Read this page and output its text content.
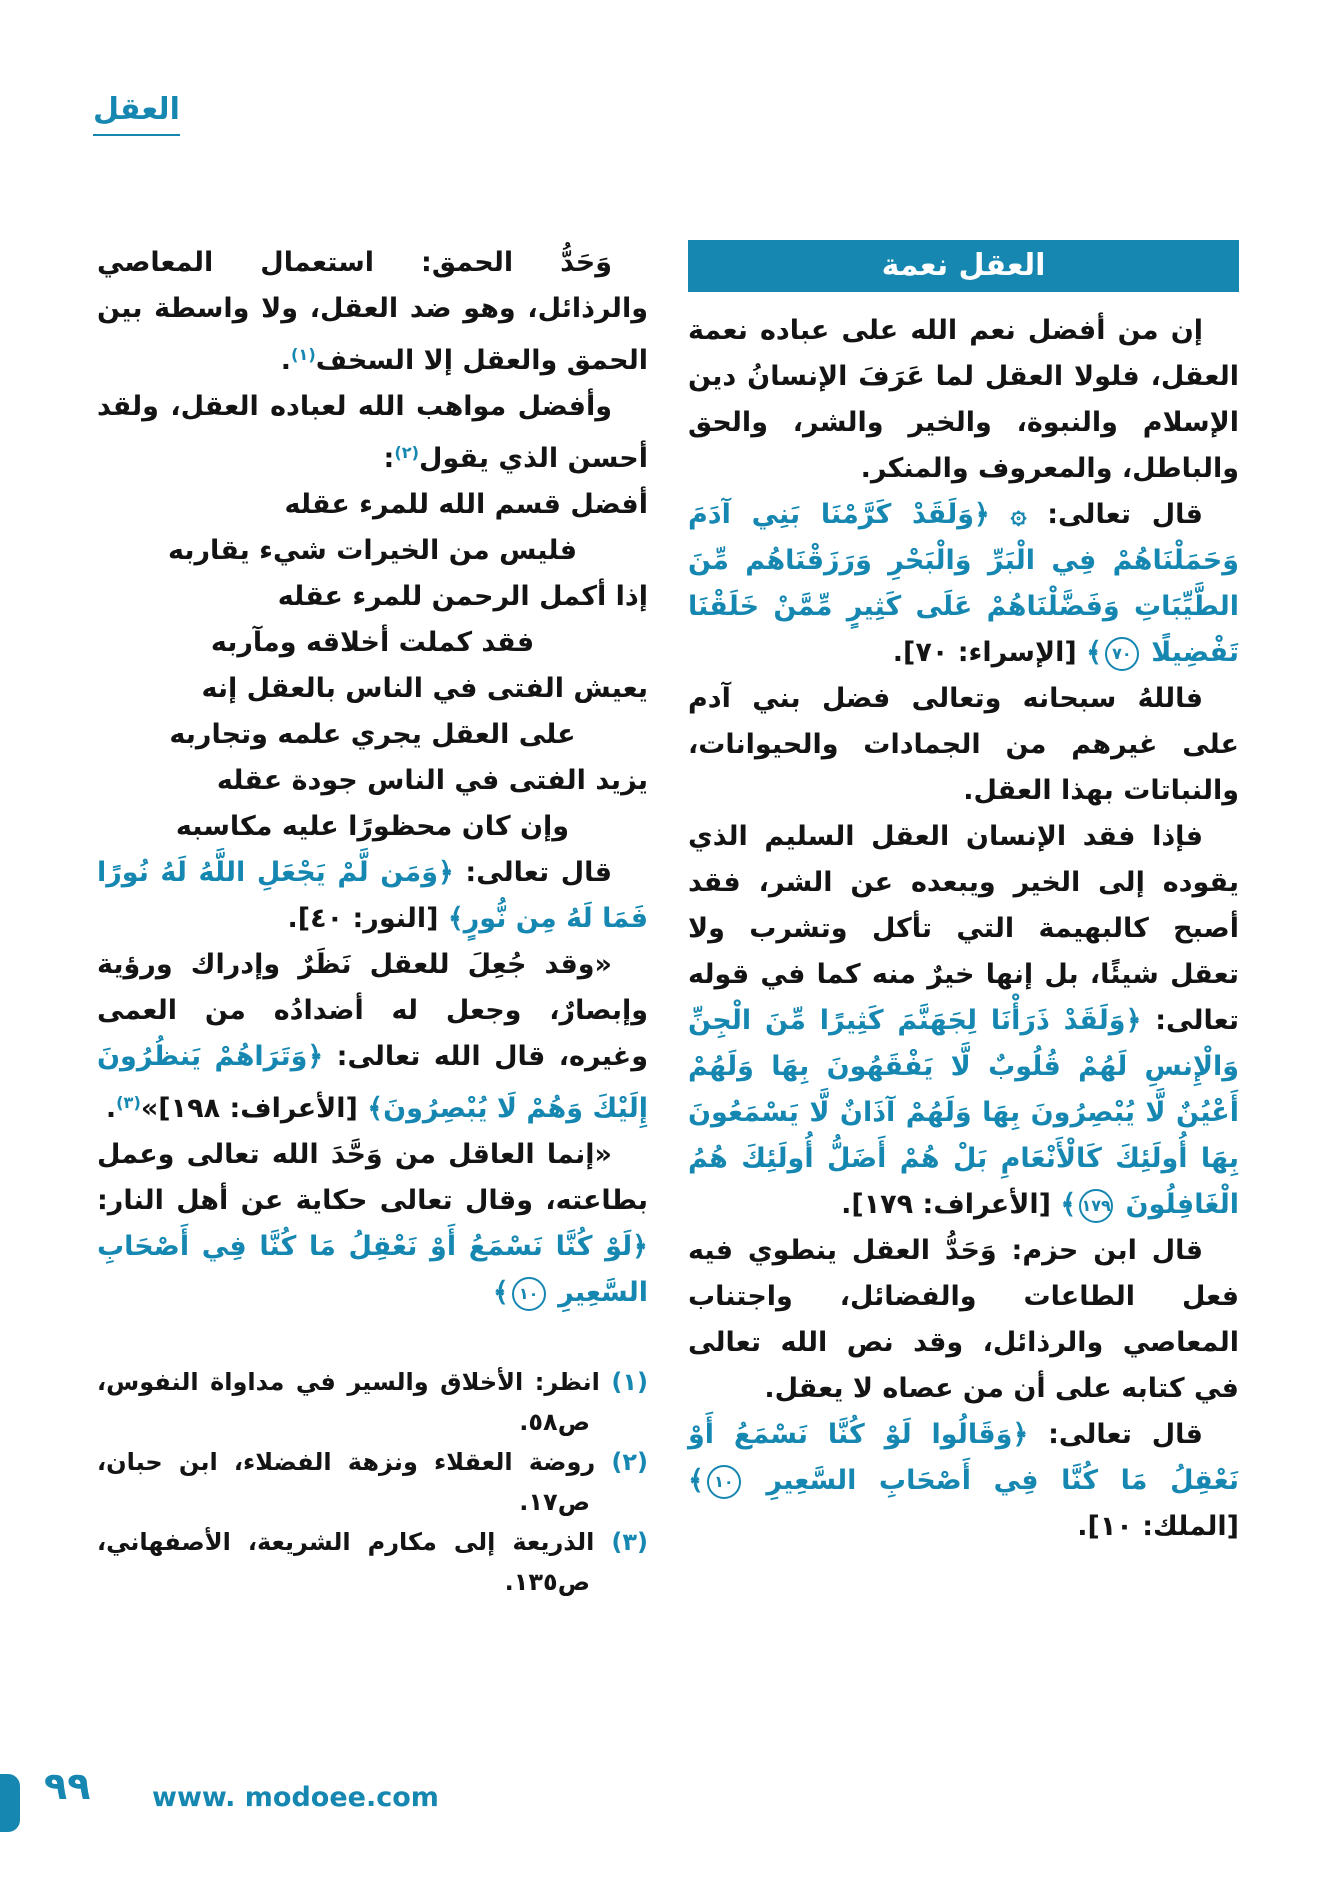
العقل
العقل نعمة

إن من أفضل نعم الله على عباده نعمة العقل، فلولا العقل لما عَرَفَ الإنسانُ دين الإسلام والنبوة، والخير والشر، والحق والباطل، والمعروف والمنكر.

قال تعالى: ۞ ﴿وَلَقَدْ كَرَّمْنَا بَنِي آدَمَ وَحَمَلْنَاهُمْ فِي الْبَرِّ وَالْبَحْرِ وَرَزَقْنَاهُم مِّنَ الطَّيِّبَاتِ وَفَضَّلْنَاهُمْ عَلَى كَثِيرٍ مِّمَّنْ خَلَقْنَا تَفْضِيلًا ٧٠﴾ [الإسراء: ٧٠].

فاللهُ سبحانه وتعالى فضل بني آدم على غيرهم من الجمادات والحيوانات، والنباتات بهذا العقل.

فإذا فقد الإنسان العقل السليم الذي يقوده إلى الخير ويبعده عن الشر، فقد أصبح كالبهيمة التي تأكل وتشرب ولا تعقل شيئًا، بل إنها خيرٌ منه كما في قوله تعالى: ﴿وَلَقَدْ ذَرَأْنَا لِجَهَنَّمَ كَثِيرًا مِّنَ الْجِنِّ وَالْإِنسِ لَهُمْ قُلُوبٌ لَّا يَفْقَهُونَ بِهَا وَلَهُمْ أَعْيُنٌ لَّا يُبْصِرُونَ بِهَا وَلَهُمْ آذَانٌ لَّا يَسْمَعُونَ بِهَا أُولَئِكَ كَالْأَنْعَامِ بَلْ هُمْ أَضَلُّ أُولَئِكَ هُمُ الْغَافِلُونَ ١٧٩﴾ [الأعراف: ١٧٩].

قال ابن حزم: وَحَدُّ العقل ينطوي فيه فعل الطاعات والفضائل، واجتناب المعاصي والرذائل، وقد نص الله تعالى في كتابه على أن من عصاه لا يعقل.

قال تعالى: ﴿وَقَالُوا لَوْ كُنَّا نَسْمَعُ أَوْ نَعْقِلُ مَا كُنَّا فِي أَصْحَابِ السَّعِيرِ ١٠﴾ [الملك: ١٠].

وَحَدُّ الحمق: استعمال المعاصي والرذائل، وهو ضد العقل، ولا واسطة بين الحمق والعقل إلا السخف$^{(١)}$.

وأفضل مواهب الله لعباده العقل، ولقد أحسن الذي يقول$^{(٢)}$:

أفضل قسم الله للمرء عقله
فليس من الخيرات شيء يقاربه
إذا أكمل الرحمن للمرء عقله
فقد كملت أخلاقه ومآربه
يعيش الفتى في الناس بالعقل إنه
على العقل يجري علمه وتجاربه
يزيد الفتى في الناس جودة عقله
وإن كان محظورًا عليه مكاسبه

قال تعالى: ﴿وَمَن لَّمْ يَجْعَلِ اللَّهُ لَهُ نُورًا فَمَا لَهُ مِن نُّورٍ﴾ [النور: ٤٠].

«وقد جُعِلَ للعقل نَظَرٌ وإدراك ورؤية وإبصارٌ، وجعل له أضدادُه من العمى وغيره، قال الله تعالى: ﴿وَتَرَاهُمْ يَنظُرُونَ إِلَيْكَ وَهُمْ لَا يُبْصِرُونَ﴾ [الأعراف: ١٩٨]»$^{(٣)}$.

«إنما العاقل من وَحَّدَ الله تعالى وعمل بطاعته، وقال تعالى حكاية عن أهل النار: ﴿لَوْ كُنَّا نَسْمَعُ أَوْ نَعْقِلُ مَا كُنَّا فِي أَصْحَابِ السَّعِيرِ ١٠﴾

(١) انظر: الأخلاق والسير في مداواة النفوس، ص٥٨.
(٢) روضة العقلاء ونزهة الفضلاء، ابن حبان، ص١٧.
(٣) الذريعة إلى مكارم الشريعة، الأصفهاني، ص١٣٥.
٩٩ www. modoee.com
